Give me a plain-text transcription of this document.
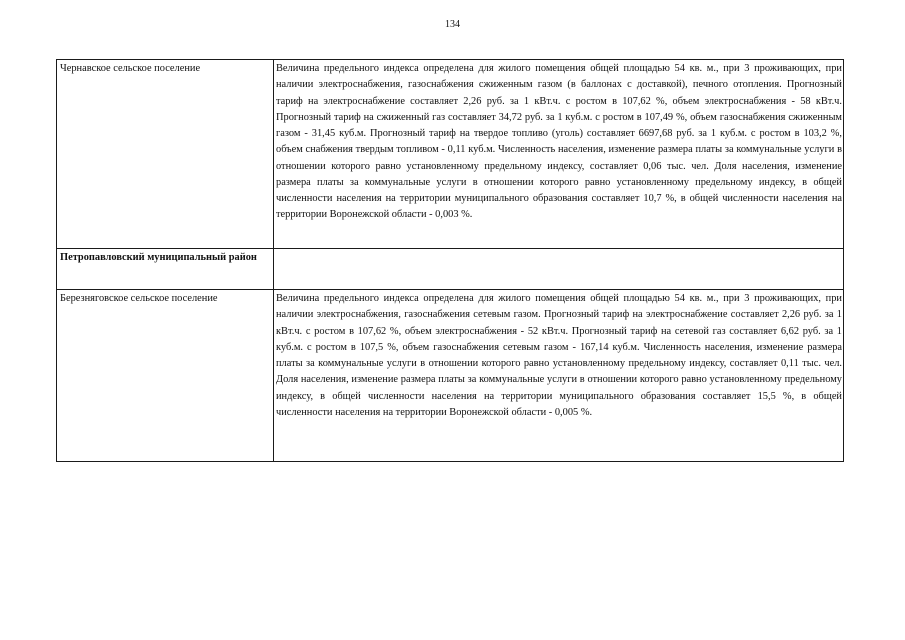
134
Чернавское сельское поселение	Величина предельного индекса определена для жилого помещения общей площадью 54 кв. м., при 3 проживающих, при наличии электроснабжения, газоснабжения сжиженным газом (в баллонах с доставкой), печного отопления. Прогнозный тариф на электроснабжение составляет 2,26 руб. за 1 кВт.ч. с ростом в 107,62 %, объем электроснабжения - 58 кВт.ч. Прогнозный тариф на сжиженный газ составляет 34,72 руб. за 1 куб.м. с ростом в 107,49 %, объем газоснабжения сжиженным газом - 31,45 куб.м. Прогнозный тариф на твердое топливо (уголь) составляет 6697,68 руб. за 1 куб.м. с ростом в 103,2 %, объем снабжения твердым топливом - 0,11 куб.м. Численность населения, изменение размера платы за коммунальные услуги в отношении которого равно установленному предельному индексу, составляет 0,06 тыс. чел. Доля населения, изменение размера платы за коммунальные услуги в отношении которого равно установленному предельному индексу, в общей численности населения на территории муниципального образования составляет 10,7 %, в общей численности населения на территории Воронежской области - 0,003 %.
Петропавловский муниципальный район	
Березняговское сельское поселение	Величина предельного индекса определена для жилого помещения общей площадью 54 кв. м., при 3 проживающих, при наличии электроснабжения, газоснабжения сетевым газом. Прогнозный тариф на электроснабжение составляет 2,26 руб. за 1 кВт.ч. с ростом в 107,62 %, объем электроснабжения - 52 кВт.ч. Прогнозный тариф на сетевой газ составляет 6,62 руб. за 1 куб.м. с ростом в 107,5 %, объем газоснабжения сетевым газом - 167,14 куб.м. Численность населения, изменение размера платы за коммунальные услуги в отношении которого равно установленному предельному индексу, составляет 0,11 тыс. чел. Доля населения, изменение размера платы за коммунальные услуги в отношении которого равно установленному предельному индексу, в общей численности населения на территории муниципального образования составляет 15,5 %, в общей численности населения на территории Воронежской области - 0,005 %.
